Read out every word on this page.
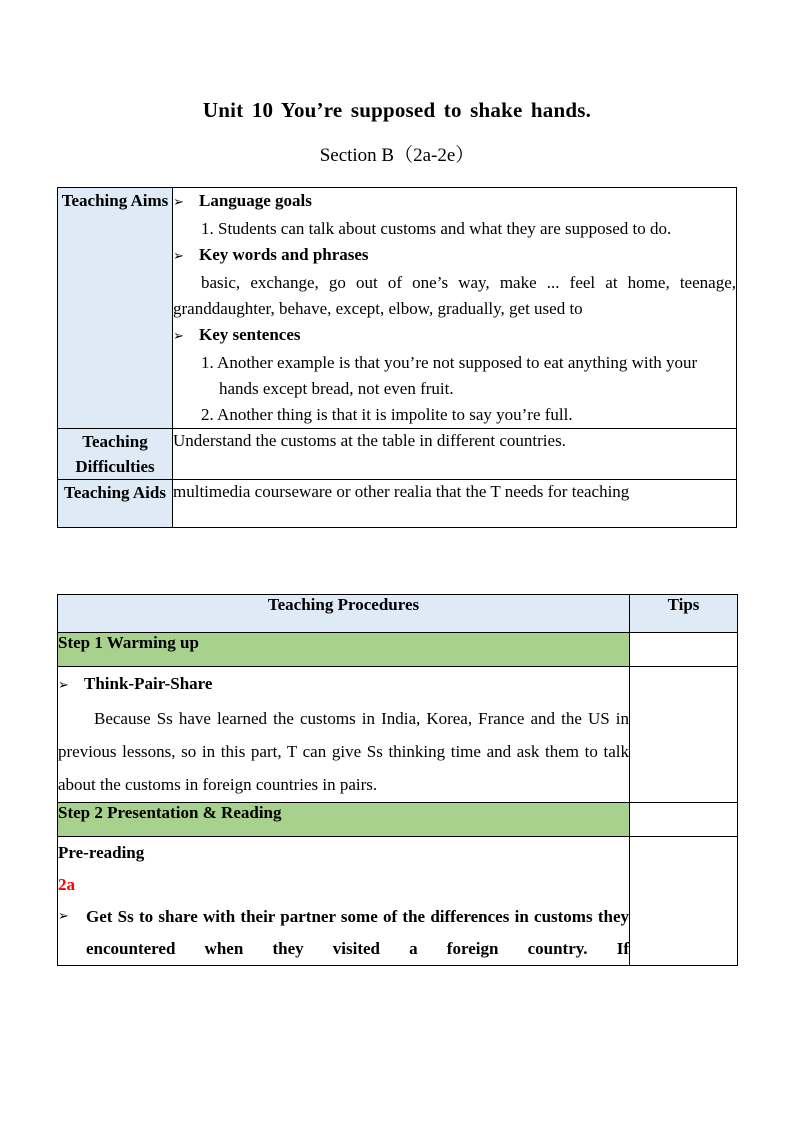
Unit 10 You’re supposed to shake hands.
Section B（2a-2e）
Teaching Aims	➢ Language goals

1. Students can talk about customs and what they are supposed to do.

➢ Key words and phrases

basic, exchange, go out of one’s way, make ... feel at home, teenage, granddaughter, behave, except, elbow, gradually, get used to

➢ Key sentences

1. Another example is that you’re not supposed to eat anything with your

hands except bread, not even fruit.

2. Another thing is that it is impolite to say you’re full.

Teaching Difficulties	Understand the customs at the table in different countries.
Teaching Aids	multimedia courseware or other realia that the T needs for teaching
Teaching Procedures	Tips
Step 1 Warming up	

➢ Think-Pair-Share

Because Ss have learned the customs in India, Korea, France and the US in previous lessons, so in this part, T can give Ss thinking time and ask them to talk about the customs in foreign countries in pairs.	

Step 2 Presentation & Reading	

Pre-reading

2a

➢ Get Ss to share with their partner some of the differences in customs they encountered when they visited a foreign country. If	
